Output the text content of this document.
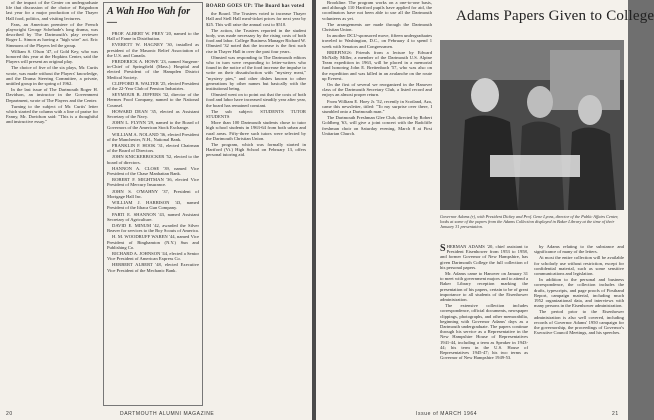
of the impact of the Center on undergraduate life that discussion of the choice of Brigadoon last year for a major production of the Thayer Hall food, politics, and visiting lecturers.

Fans, an American premiere of the French playwright George Schehade's long drama, was described by The Dartmouth's play reviewer Roger L. Simon as having a "high wire" act. Eric Simmons of the Players led the group.

William S. Olson '47, of Gold Key, who was honored this year at the Hopkins Center, said the Players will present an original play.

The choice of five of the six plays, Mr. Curtis wrote, was made without the Players' knowledge, and the Drama Steering Committee, a private, untitled group in the spring of 1962.

In the last issue of The Dartmouth Roger H. Davidson, an instructor in the Government Department, wrote of The Players and the Center.

Turning to the subject of Mr. Curtis' letter which started the column with a line of praise for Fanny, Mr. Davidson said: "This is a thoughtful and instructive essay."

A Wah Hoo Wah for —

PROF. ALBERT W. PREY '20, named to the Hall of Fame in Distribution.

EVERETT W. HAGNEY '30, installed as president of the Masonic Relief Association of the U.S. and Canada.

FREDERICK A. HOWE '23, named Surgeon-in-Chief of Springfield (Mass.) Hospital and elected President of the Hampden District Medical Society.

CLIFFORD B. WALTER '25, elected President of the 22-Year Club of Pension Industries.

SEYMOUR B. JEFFERS '32, director of the Hermes Food Company, named to the National Counsel.

HOWARD DEAN '35, elected as Assistant Secretary of the Navy.

JOHN L. FLYNN '29, named to the Board of Governors of the American Stock Exchange.

WILLIAM A. NOLAND '36, elected President of the Manchester, N.H., National Bank.

FRANKLIN F. HOOK '31, elected Chairman of the Board of Directors.

JOHN KNICKERBOCKER '52, elected to the board of directors.

HANNON A. CLOSE '39, named Vice President of the Chase Manhattan Bank.

ROBERT F. MIGHTMAN '36, elected Vice President of Mercury Insurance.

JOHN S. O'MAHNY '37, President of Mortgage Hall Inc.

WILLIAM J. HARRISON '43, named President of the Ithaca Gun Company.

PARTI E. SHANNON '43, named Assistant Secretary of Agriculture.

DAVID E. MINUM '42, awarded the Silver Beaver for services to the Boy Scouts of America.

H. M. WOODRUFF WAREN '44, named Vice President of Binghamton (N.Y.) Sun and Publishing Co.

RICHARD A. JOHNSON '44, elected a Senior Vice President of American Express Co.

HERBERT ALBERT '48, elected Executive Vice President of the Mechanic Bank.

BOARD GOES UP: The Board has voted

the Board. The Trustees voted to increase Thayer Hall and Stell Hall meal-ticket prices for next year by $25. This will raise the annual cost to $510.

The action, the Trustees reported in the student body, was made necessary by the rising costs of both food and labor. College Business Manager Richard W. Olmsted '32 noted that the increase is the first such rise in Thayer Hall in over the past four years.

Olmsted was responding to The Dartmouth editors who in turn were responding to letter-writers who found in the notice of the food increase the impulse to write on their dissatisfaction with "mystery meat," "mystery pies," and other dishes known to other generations by other names but basically with the institutional being.

Olmsted went on to point out that the costs of both food and labor have increased steadily year after year, the board has remained constant.

The sub subject: STUDENTS TUTOR STUDENTS

More than 100 Dartmouth students chose to tutor high school students in 1963-64 from both urban and rural areas. Fifty-three such tutors were selected by the Dartmouth Christian Union.

The program, which was formally started in Hartford (Vt.) High School on February 13, offers personal tutoring aid.

20	DARTMOUTH ALUMNI MAGAZINE

Brookline. The program works on a one-to-one basis, and although 110 Hartford pupils have applied for aid, the coordinators have not been able to use all the Dartmouth volunteers as yet.

The arrangements are made through the Dartmouth Christian Union.

In another DCU-sponsored move, fifteen undergraduates traveled to Washington, D.C., on February 4 to spend 1 week with Senators and Congressmen.

BRIEFINGS: Friends from a lecture by Edward McNally Miller, a member of the Dartmouth U.S. Alpine Team expedition in 1963, will be placed in a memorial fund honoring John E. Breitenbach '57, who was also on the expedition and was killed in an avalanche on the route up Everest.

On the first of several we reorganized in the Hanover class of the Dartmouth Secretary Club, a listed record and enjoys an almost proper return.

From William E. Hoey Jr. '52, recently in Scotland, Aza, came this newsletter, titled: "To my surprise over there, I stumbled onto a Dartmouth man."

The Dartmouth Freshman Glee Club, directed by Robert Goldberg '63, will give a joint concert with the Radcliffe freshman choir on Saturday evening, March 8 at First Unitarian Church.

Adams Papers Given to College
Governor Adams (r), with President Dickey and Prof. Gene Lyons, director of the Public Affairs Center, looks at some of the papers from the Adams Collection displayed in Baker Library at the time of their January 31 presentation.

SHERMAN ADAMS '20, chief assistant to President Eisenhower from 1953 to 1958, and former Governor of New Hampshire, has given Dartmouth College the full collection of his personal papers.

Mr. Adams came to Hanover on January 31 to meet with government majors and to attend a Baker Library reception marking the presentation of his papers, certain to be of great importance to all students of the Eisenhower administration.

The extensive collection includes correspondence, official documents, newspaper clippings, photographs, and other memorabilia, beginning with Governor Adams' days as a Dartmouth undergraduate. The papers continue through his service as a Representative in the New Hampshire House of Representatives 1941-44, including a term as Speaker in 1943-44; his term in the U.S. House of Representatives 1945-47; his two terms as Governor of New Hampshire 1949-53.

by Adams relating to the substance and significance of many of the letters.

At most the entire collection will be available for scholarly use without restriction, except for confidential material, such as some sensitive communications and legislation.

In addition to the personal and business correspondence, the collection includes the drafts, typescripts, and page proofs of Firsthand Report, campaign material, including much 1952 organizational data, and interviews with many persons in the Eisenhower administration.

The period prior to the Eisenhower administration is also well covered, including records of Governor Adams' 1950 campaign for the governorship, the proceedings of Governor's Executive Council Meetings, and his speeches.

Issue of MARCH 1964	21
